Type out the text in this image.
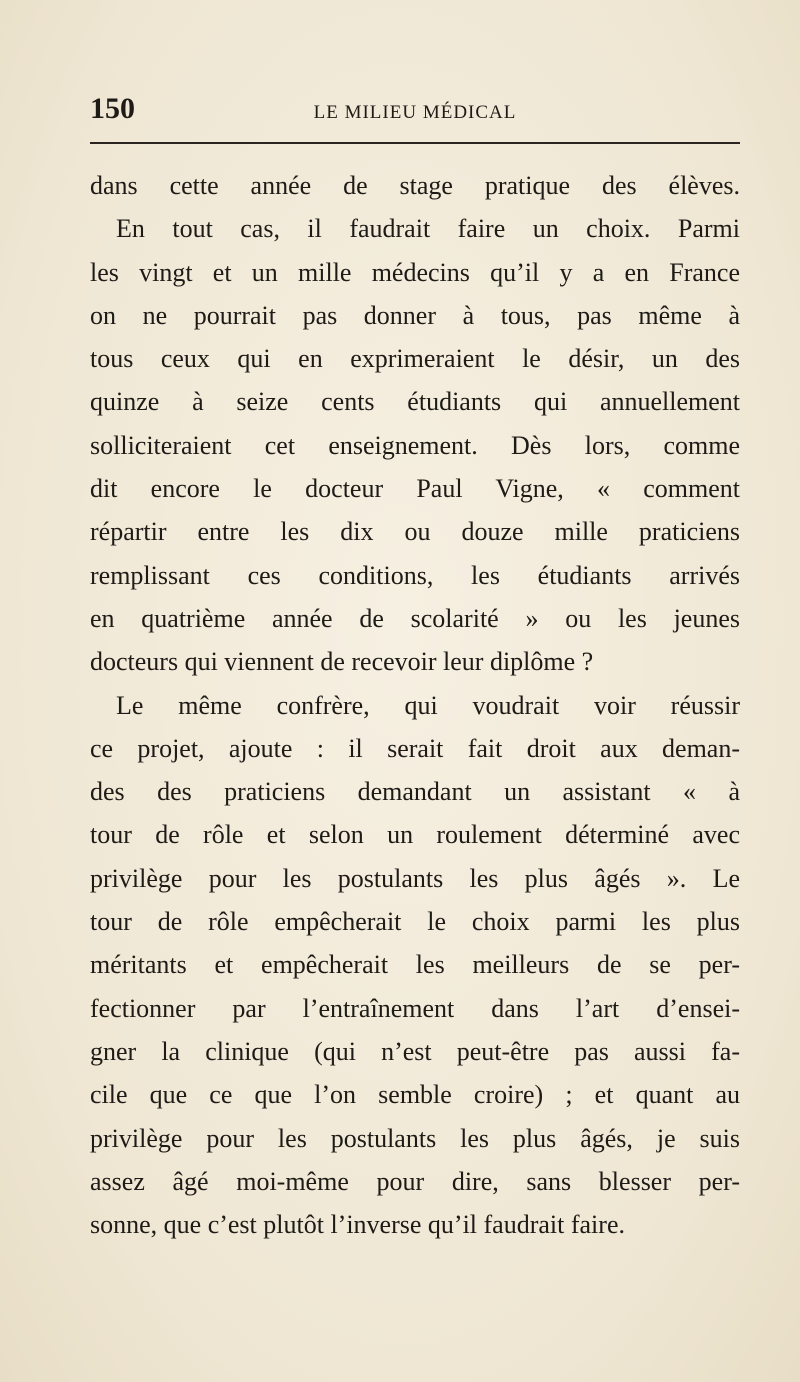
150	LE MILIEU MÉDICAL
dans cette année de stage pratique des élèves.
En tout cas, il faudrait faire un choix. Parmi
les vingt et un mille médecins qu’il y a en France
on ne pourrait pas donner à tous, pas même à
tous ceux qui en exprimeraient le désir, un des
quinze à seize cents étudiants qui annuellement
solliciteraient cet enseignement. Dès lors, comme
dit encore le docteur Paul Vigne, « comment
répartir entre les dix ou douze mille praticiens
remplissant ces conditions, les étudiants arrivés
en quatrième année de scolarité » ou les jeunes
docteurs qui viennent de recevoir leur diplôme ?
Le même confrère, qui voudrait voir réussir
ce projet, ajoute : il serait fait droit aux deman-
des des praticiens demandant un assistant « à
tour de rôle et selon un roulement déterminé avec
privilège pour les postulants les plus âgés ». Le
tour de rôle empêcherait le choix parmi les plus
méritants et empêcherait les meilleurs de se per-
fectionner par l’entraînement dans l’art d’ensei-
gner la clinique (qui n’est peut-être pas aussi fa-
cile que ce que l’on semble croire) ; et quant au
privilège pour les postulants les plus âgés, je suis
assez âgé moi-même pour dire, sans blesser per-
sonne, que c’est plutôt l’inverse qu’il faudrait faire.
